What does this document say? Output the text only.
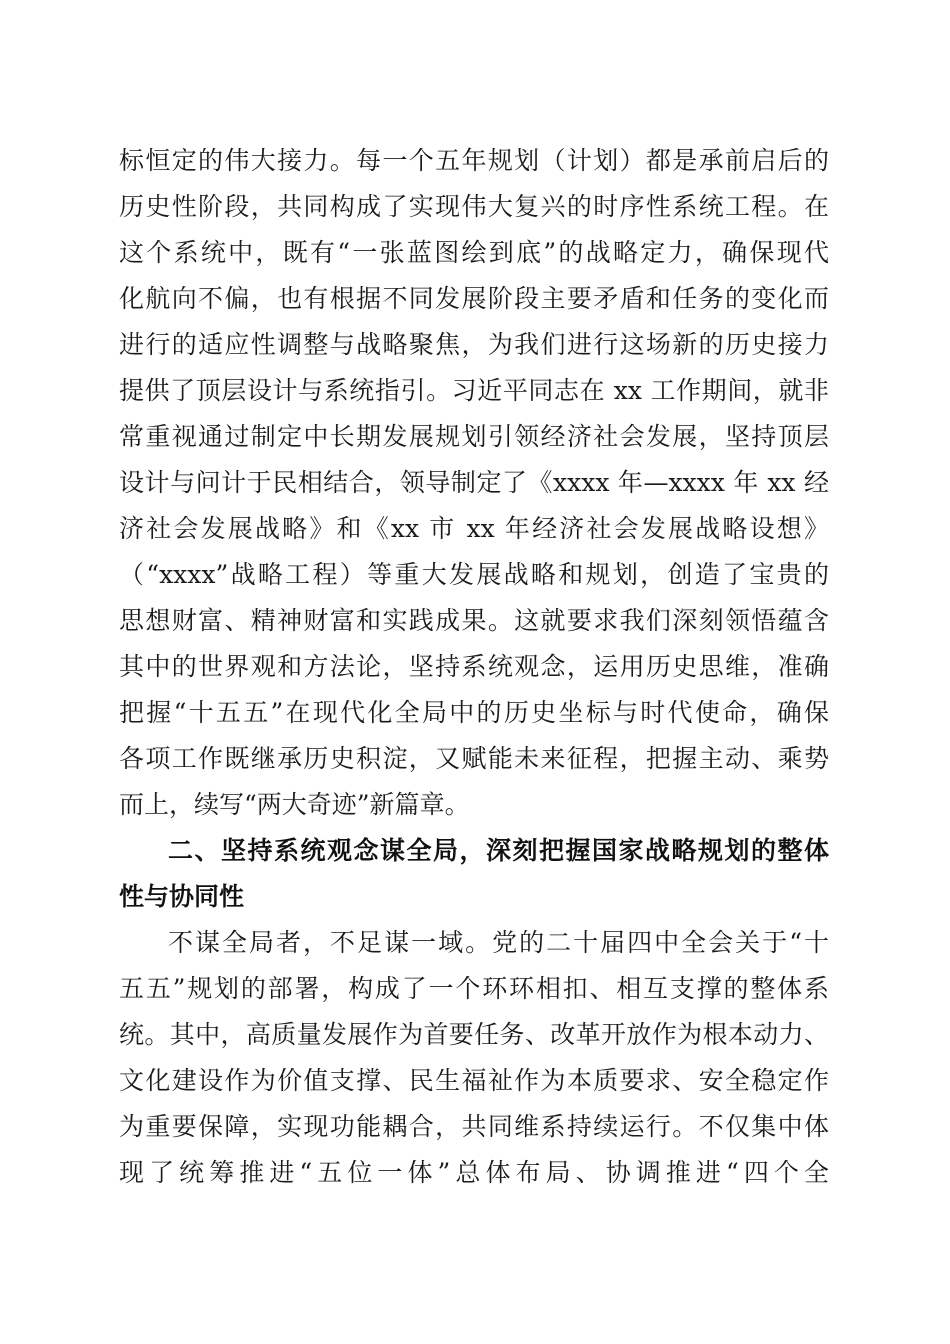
标恒定的伟大接力。每一个五年规划（计划）都是承前启后的
历史性阶段，共同构成了实现伟大复兴的时序性系统工程。在
这个系统中，既有“一张蓝图绘到底”的战略定力，确保现代
化航向不偏，也有根据不同发展阶段主要矛盾和任务的变化而
进行的适应性调整与战略聚焦，为我们进行这场新的历史接力
提供了顶层设计与系统指引。习近平同志在 xx 工作期间，就非
常重视通过制定中长期发展规划引领经济社会发展，坚持顶层
设计与问计于民相结合，领导制定了《xxxx 年—xxxx 年 xx 经
济社会发展战略》和《xx 市 xx 年经济社会发展战略设想》
（“xxxx”战略工程）等重大发展战略和规划，创造了宝贵的
思想财富、精神财富和实践成果。这就要求我们深刻领悟蕴含
其中的世界观和方法论，坚持系统观念，运用历史思维，准确
把握“十五五”在现代化全局中的历史坐标与时代使命，确保
各项工作既继承历史积淀，又赋能未来征程，把握主动、乘势
而上，续写“两大奇迹”新篇章。
二、坚持系统观念谋全局，深刻把握国家战略规划的整体
性与协同性
不谋全局者，不足谋一域。党的二十届四中全会关于“十
五五”规划的部署，构成了一个环环相扣、相互支撑的整体系
统。其中，高质量发展作为首要任务、改革开放作为根本动力、
文化建设作为价值支撑、民生福祉作为本质要求、安全稳定作
为重要保障，实现功能耦合，共同维系持续运行。不仅集中体
现了统筹推进“五位一体”总体布局、协调推进“四个全
